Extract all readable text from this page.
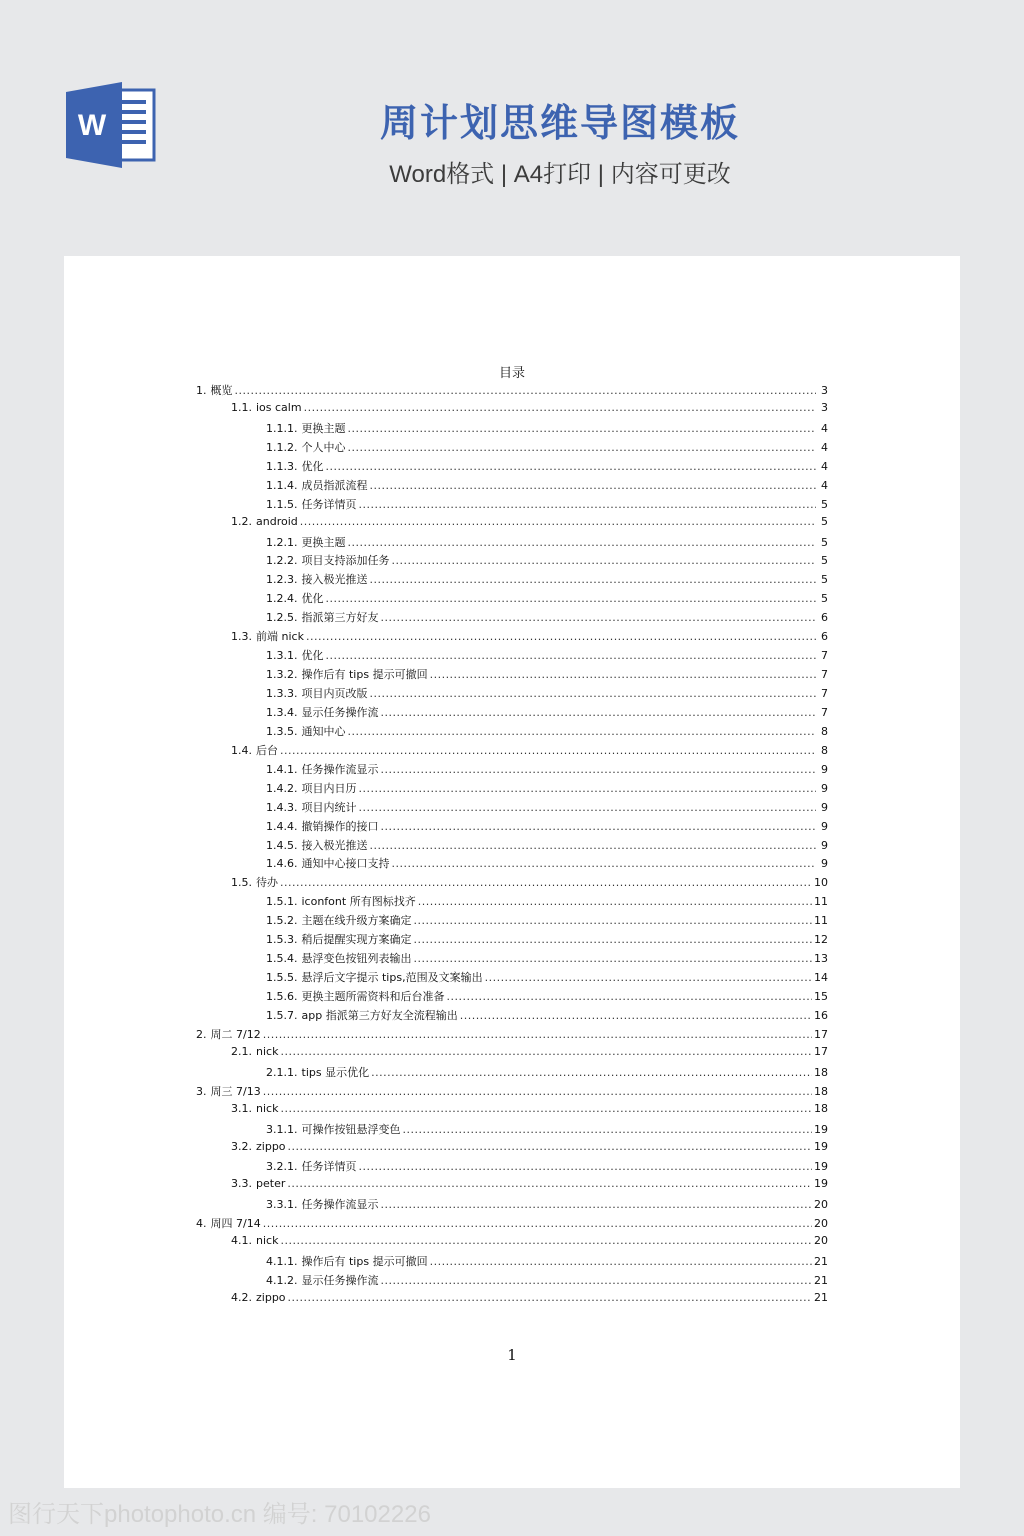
W	周计划思维导图模板
Word格式 | A4打印 | 内容可更改
目录
1. 概览 .....	3
1.1. ios calm .....	3
1.1.1. 更换主题 .....	4
1.1.2. 个人中心 .....	4
1.1.3. 优化 .....	4
1.1.4. 成员指派流程 .....	4
1.1.5. 任务详情页 .....	5
1.2. android .....	5
1.2.1. 更换主题 .....	5
1.2.2. 项目支持添加任务 .....	5
1.2.3. 接入极光推送 .....	5
1.2.4. 优化 .....	5
1.2.5. 指派第三方好友 .....	6
1.3. 前端 nick .....	6
1.3.1. 优化 .....	7
1.3.2. 操作后有 tips 提示可撤回 .....	7
1.3.3. 项目内页改版 .....	7
1.3.4. 显示任务操作流 .....	7
1.3.5. 通知中心 .....	8
1.4. 后台 .....	8
1.4.1. 任务操作流显示 .....	9
1.4.2. 项目内日历 .....	9
1.4.3. 项目内统计 .....	9
1.4.4. 撤销操作的接口 .....	9
1.4.5. 接入极光推送 .....	9
1.4.6. 通知中心接口支持 .....	9
1.5. 待办 .....	10
1.5.1. iconfont 所有图标找齐 .....	11
1.5.2. 主题在线升级方案确定 .....	11
1.5.3. 稍后提醒实现方案确定 .....	12
1.5.4. 悬浮变色按钮列表输出 .....	13
1.5.5. 悬浮后文字提示 tips,范围及文案输出 .....	14
1.5.6. 更换主题所需资料和后台准备 .....	15
1.5.7. app 指派第三方好友全流程输出 .....	16
2. 周二 7/12 .....	17
2.1. nick .....	17
2.1.1. tips 显示优化 .....	18
3. 周三 7/13 .....	18
3.1. nick .....	18
3.1.1. 可操作按钮悬浮变色 .....	19
3.2. zippo .....	19
3.2.1. 任务详情页 .....	19
3.3. peter .....	19
3.3.1. 任务操作流显示 .....	20
4. 周四 7/14 .....	20
4.1. nick .....	20
4.1.1. 操作后有 tips 提示可撤回 .....	21
4.1.2. 显示任务操作流 .....	21
4.2. zippo .....	21
1
图行天下photophoto.cn 编号: 70102226
